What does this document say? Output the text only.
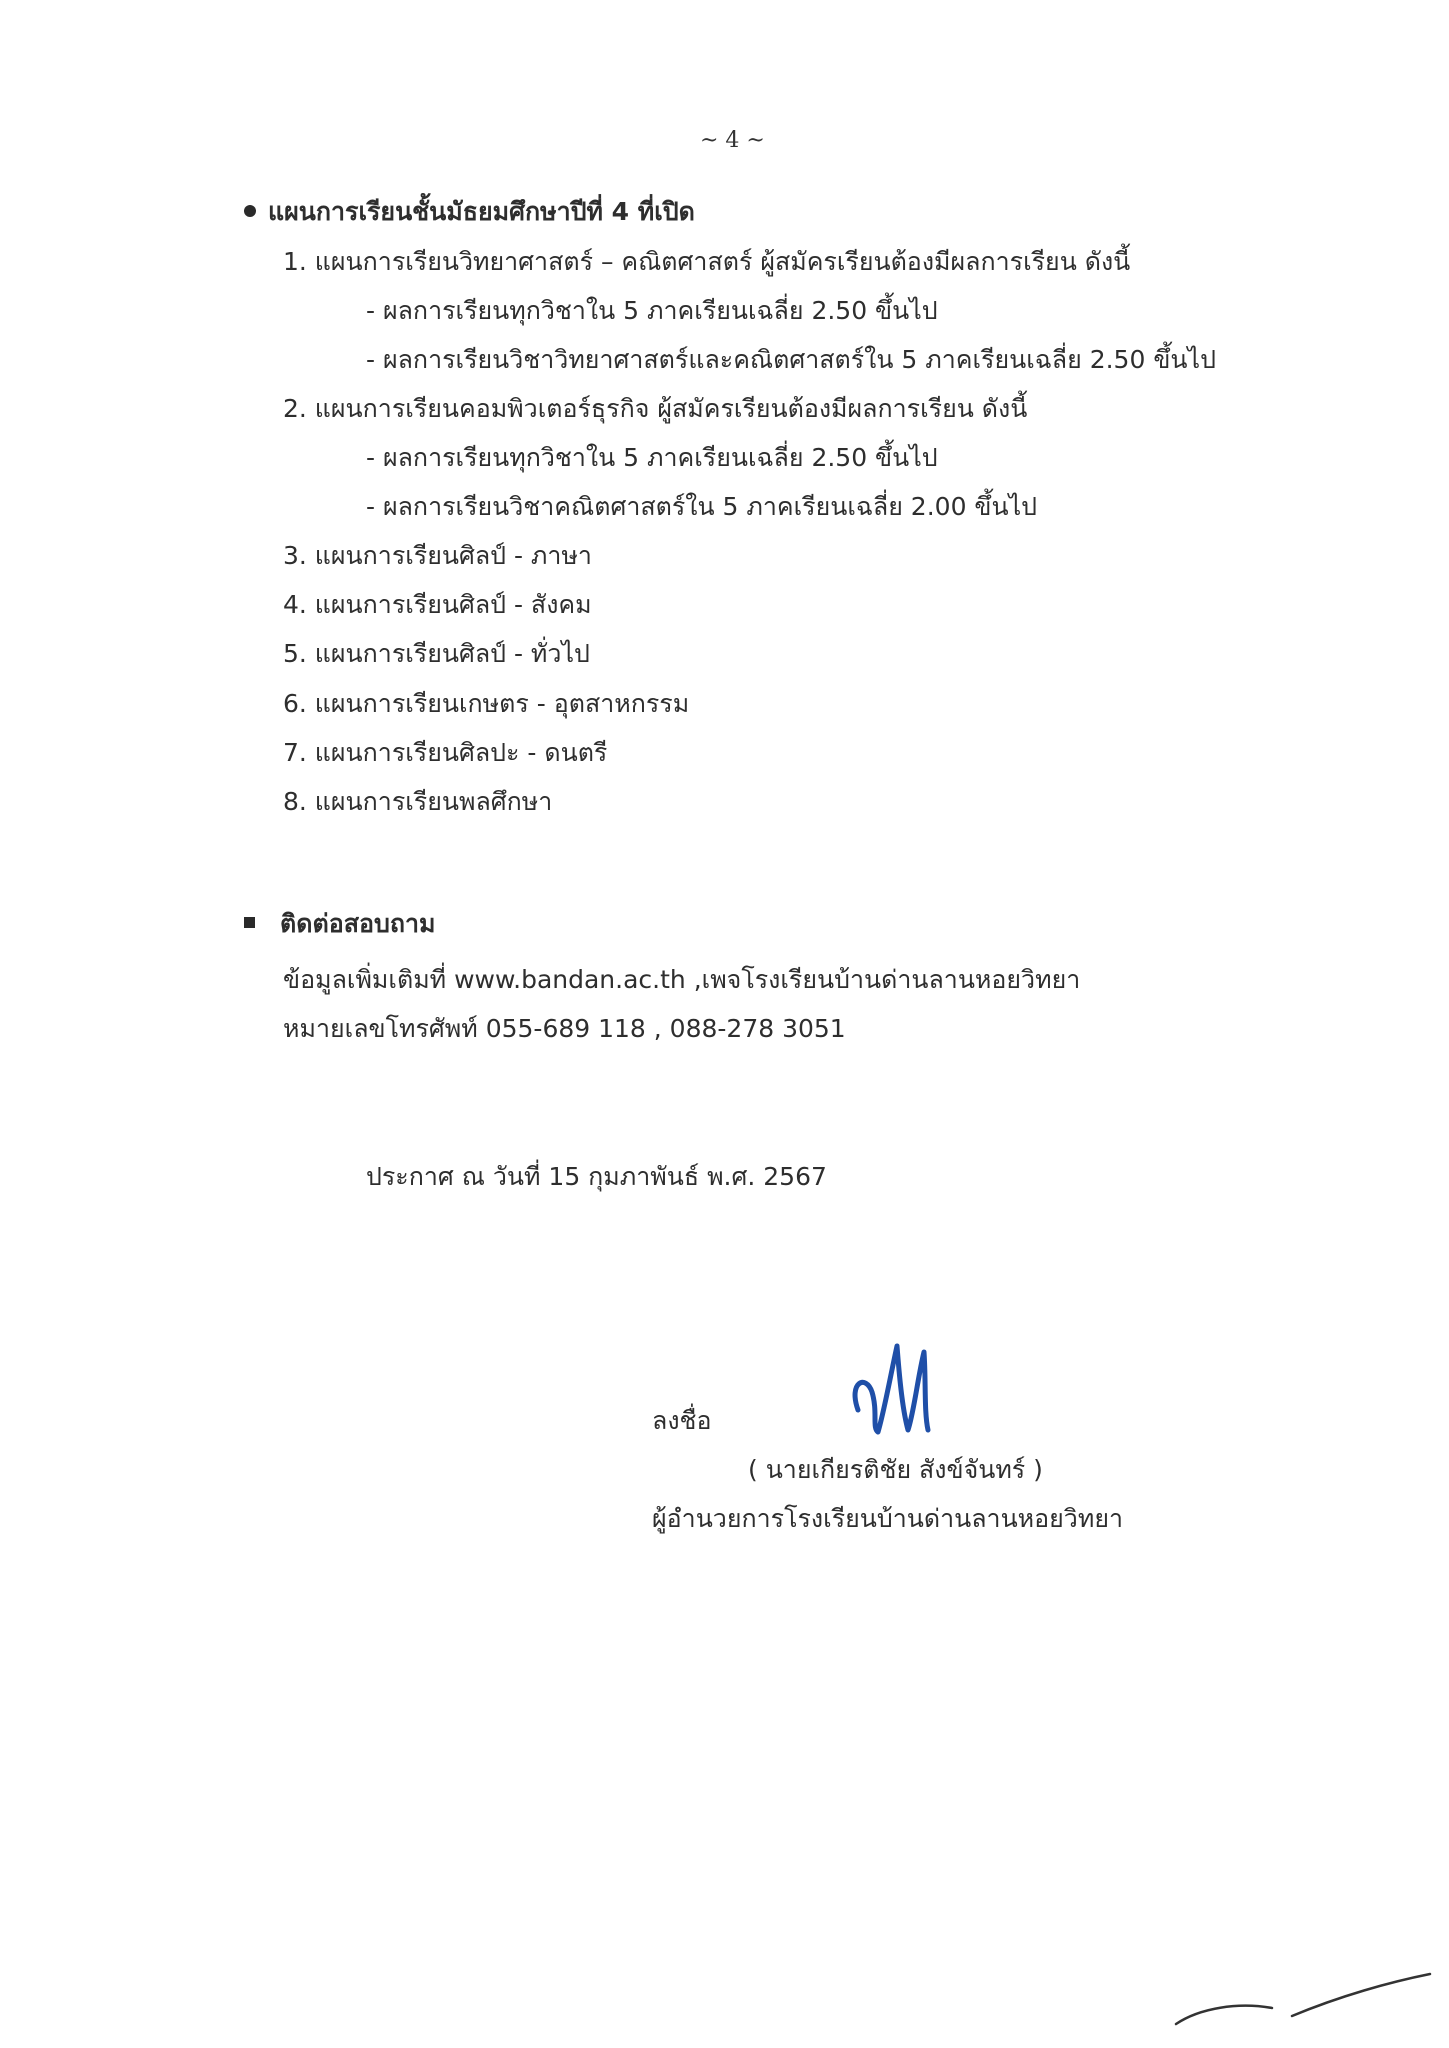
~ 4 ~
แผนการเรียนชั้นมัธยมศึกษาปีที่ 4 ที่เปิด
1. แผนการเรียนวิทยาศาสตร์ – คณิตศาสตร์ ผู้สมัครเรียนต้องมีผลการเรียน ดังนี้
- ผลการเรียนทุกวิชาใน 5 ภาคเรียนเฉลี่ย 2.50 ขึ้นไป
- ผลการเรียนวิชาวิทยาศาสตร์และคณิตศาสตร์ใน 5 ภาคเรียนเฉลี่ย 2.50 ขึ้นไป
2. แผนการเรียนคอมพิวเตอร์ธุรกิจ ผู้สมัครเรียนต้องมีผลการเรียน ดังนี้
- ผลการเรียนทุกวิชาใน 5 ภาคเรียนเฉลี่ย 2.50 ขึ้นไป
- ผลการเรียนวิชาคณิตศาสตร์ใน 5 ภาคเรียนเฉลี่ย 2.00 ขึ้นไป
3. แผนการเรียนศิลป์ - ภาษา
4. แผนการเรียนศิลป์ - สังคม
5. แผนการเรียนศิลป์ - ทั่วไป
6. แผนการเรียนเกษตร - อุตสาหกรรม
7. แผนการเรียนศิลปะ - ดนตรี
8. แผนการเรียนพลศึกษา
ติดต่อสอบถาม
ข้อมูลเพิ่มเติมที่ www.bandan.ac.th ,เพจโรงเรียนบ้านด่านลานหอยวิทยา
หมายเลขโทรศัพท์ 055-689 118 , 088-278 3051
ประกาศ ณ วันที่ 15 กุมภาพันธ์ พ.ศ. 2567
ลงชื่อ
( นายเกียรติชัย สังข์จันทร์ )
ผู้อำนวยการโรงเรียนบ้านด่านลานหอยวิทยา
